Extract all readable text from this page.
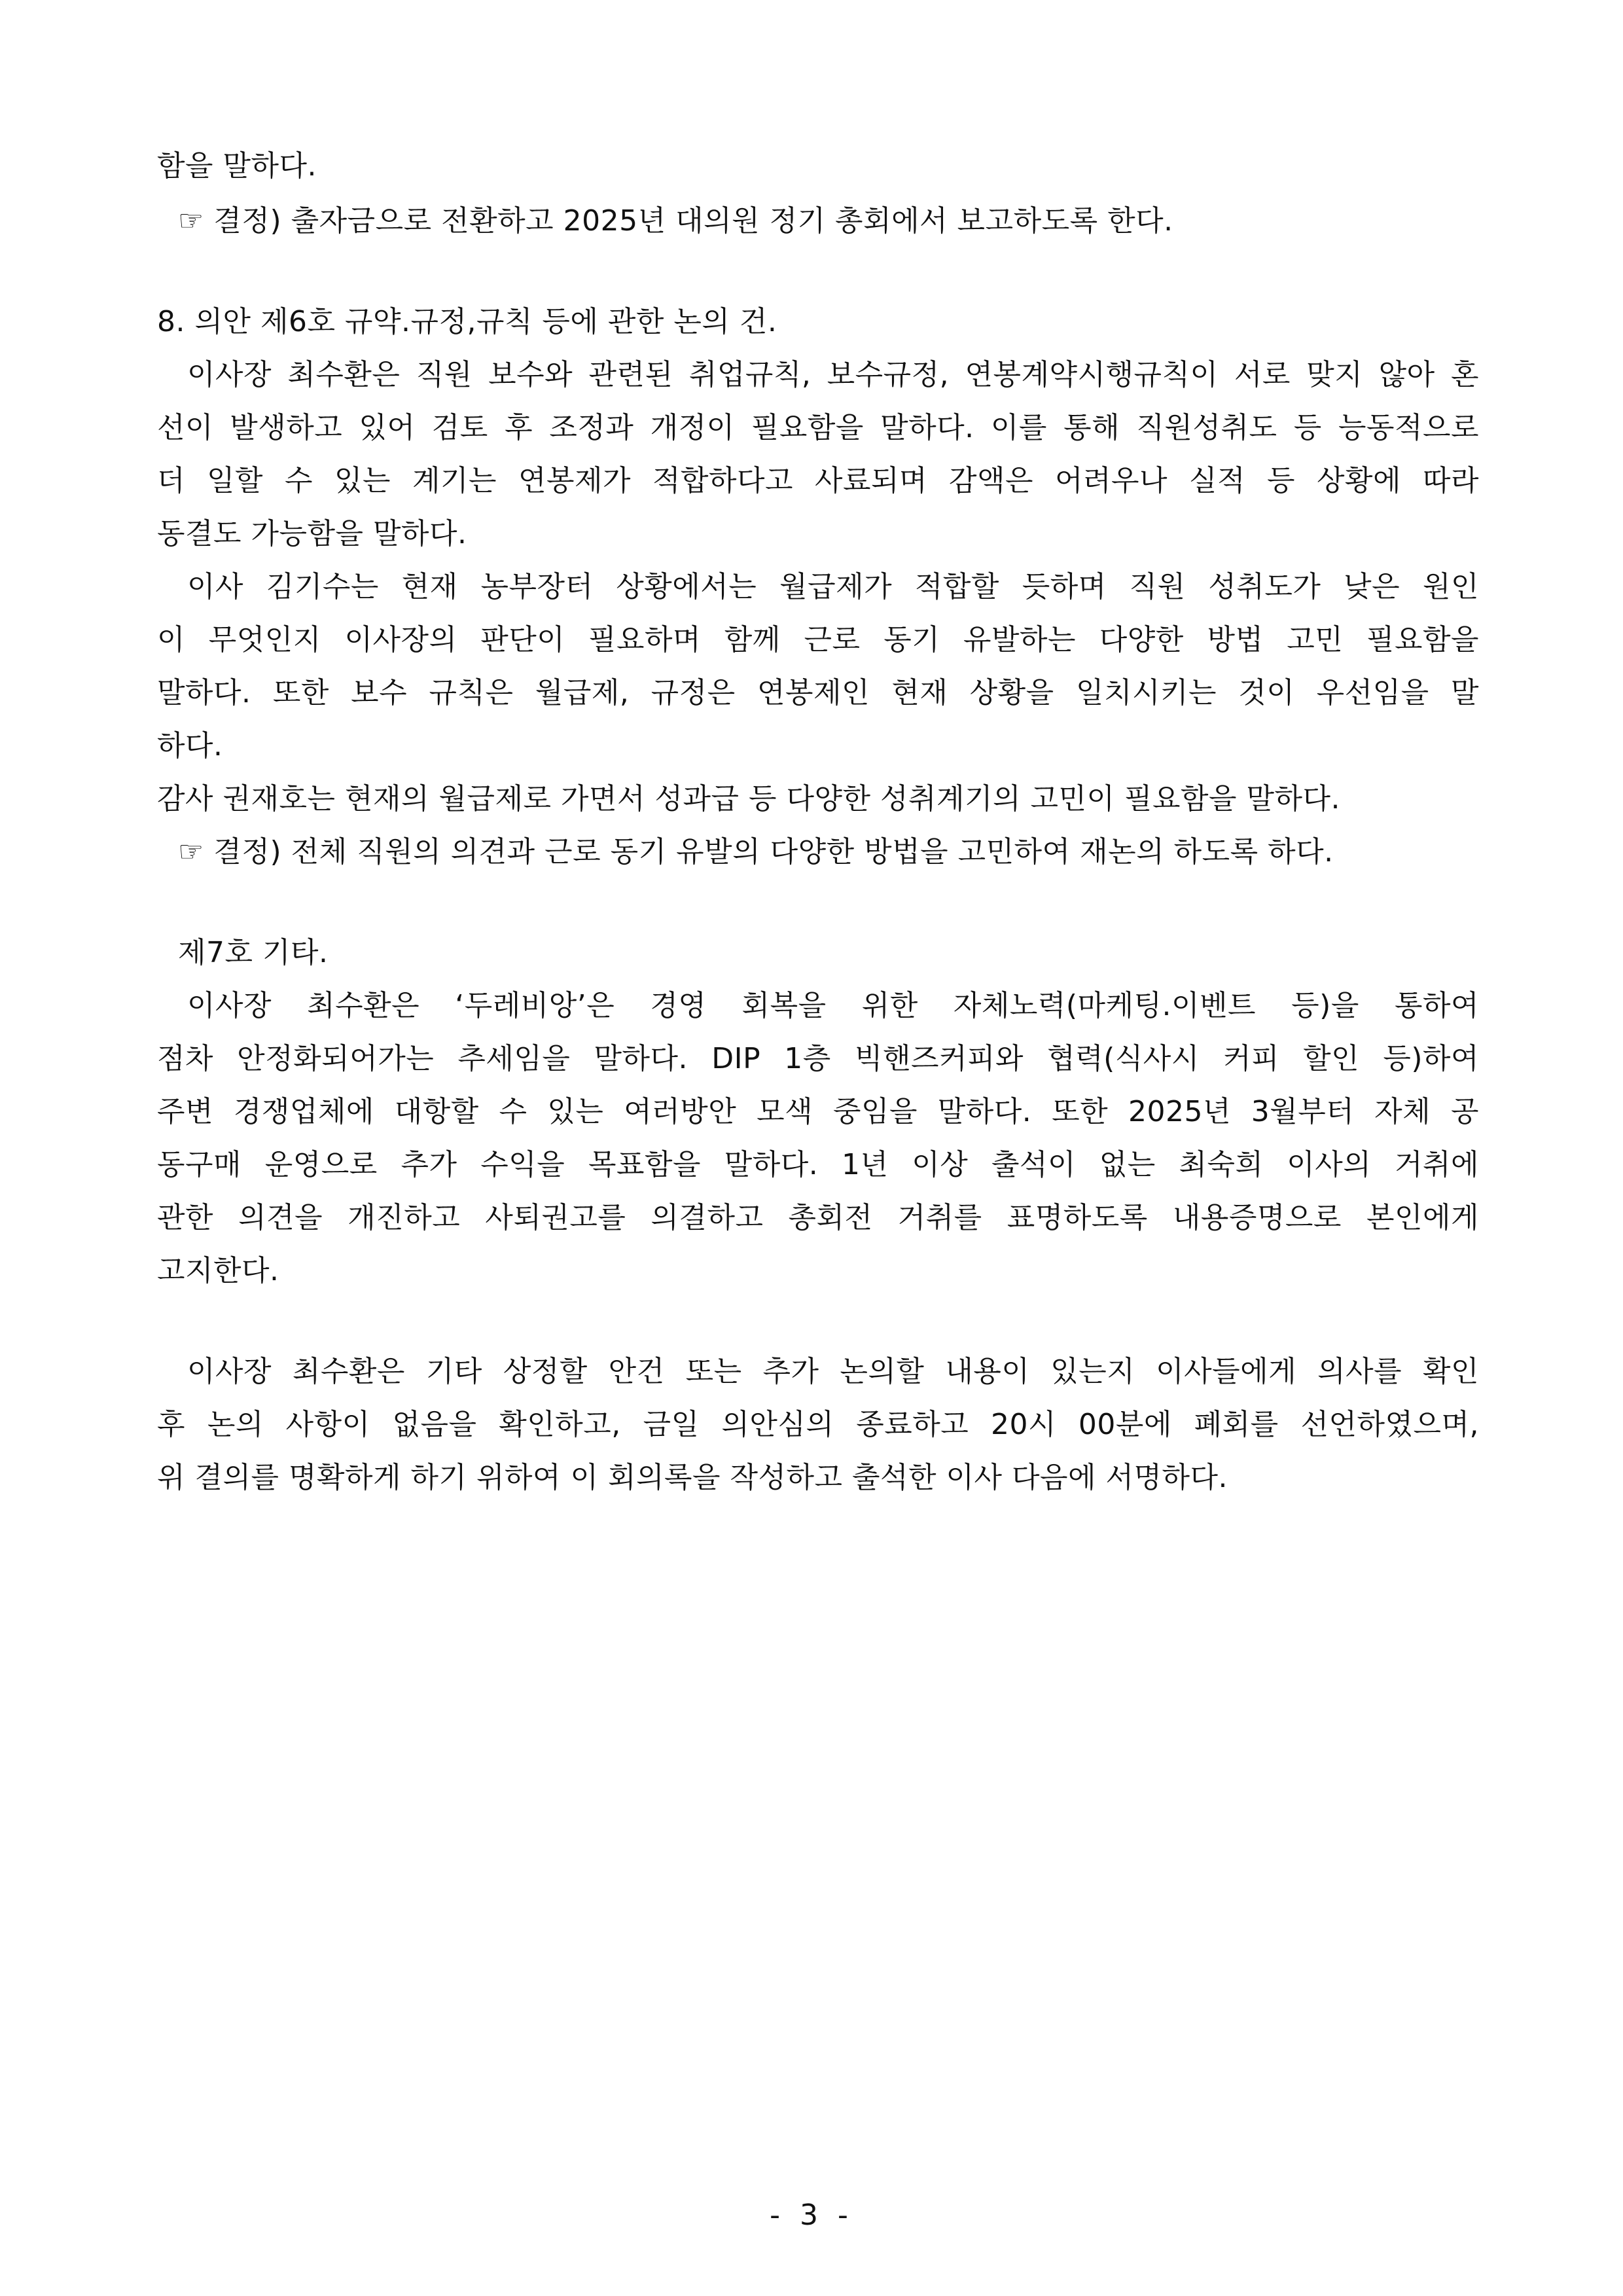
함을 말하다.
☞ 결정) 출자금으로 전환하고 2025년 대의원 정기 총회에서 보고하도록 한다.
8. 의안 제6호 규약.규정,규칙 등에 관한 논의 건.
이사장 최수환은 직원 보수와 관련된 취업규칙, 보수규정, 연봉계약시행규칙이 서로 맞지 않아 혼
선이 발생하고 있어 검토 후 조정과 개정이 필요함을 말하다. 이를 통해 직원성취도 등 능동적으로
더 일할 수 있는 계기는 연봉제가 적합하다고 사료되며 감액은 어려우나 실적 등 상황에 따라
동결도 가능함을 말하다.
이사 김기수는 현재 농부장터 상황에서는 월급제가 적합할 듯하며 직원 성취도가 낮은 원인
이 무엇인지 이사장의 판단이 필요하며 함께 근로 동기 유발하는 다양한 방법 고민 필요함을
말하다. 또한 보수 규칙은 월급제, 규정은 연봉제인 현재 상황을 일치시키는 것이 우선임을 말
하다.
감사 권재호는 현재의 월급제로 가면서 성과급 등 다양한 성취계기의 고민이 필요함을 말하다.
☞ 결정) 전체 직원의 의견과 근로 동기 유발의 다양한 방법을 고민하여 재논의 하도록 하다.
제7호 기타.
이사장 최수환은 ‘두레비앙’은 경영 회복을 위한 자체노력(마케팅.이벤트 등)을 통하여
점차 안정화되어가는 추세임을 말하다. DIP 1층 빅핸즈커피와 협력(식사시 커피 할인 등)하여
주변 경쟁업체에 대항할 수 있는 여러방안 모색 중임을 말하다. 또한 2025년 3월부터 자체 공
동구매 운영으로 추가 수익을 목표함을 말하다. 1년 이상 출석이 없는 최숙희 이사의 거취에
관한 의견을 개진하고 사퇴권고를 의결하고 총회전 거취를 표명하도록 내용증명으로 본인에게
고지한다.
이사장 최수환은 기타 상정할 안건 또는 추가 논의할 내용이 있는지 이사들에게 의사를 확인
후 논의 사항이 없음을 확인하고, 금일 의안심의 종료하고 20시 00분에 폐회를 선언하였으며,
위 결의를 명확하게 하기 위하여 이 회의록을 작성하고 출석한 이사 다음에 서명하다.
- 3 -
